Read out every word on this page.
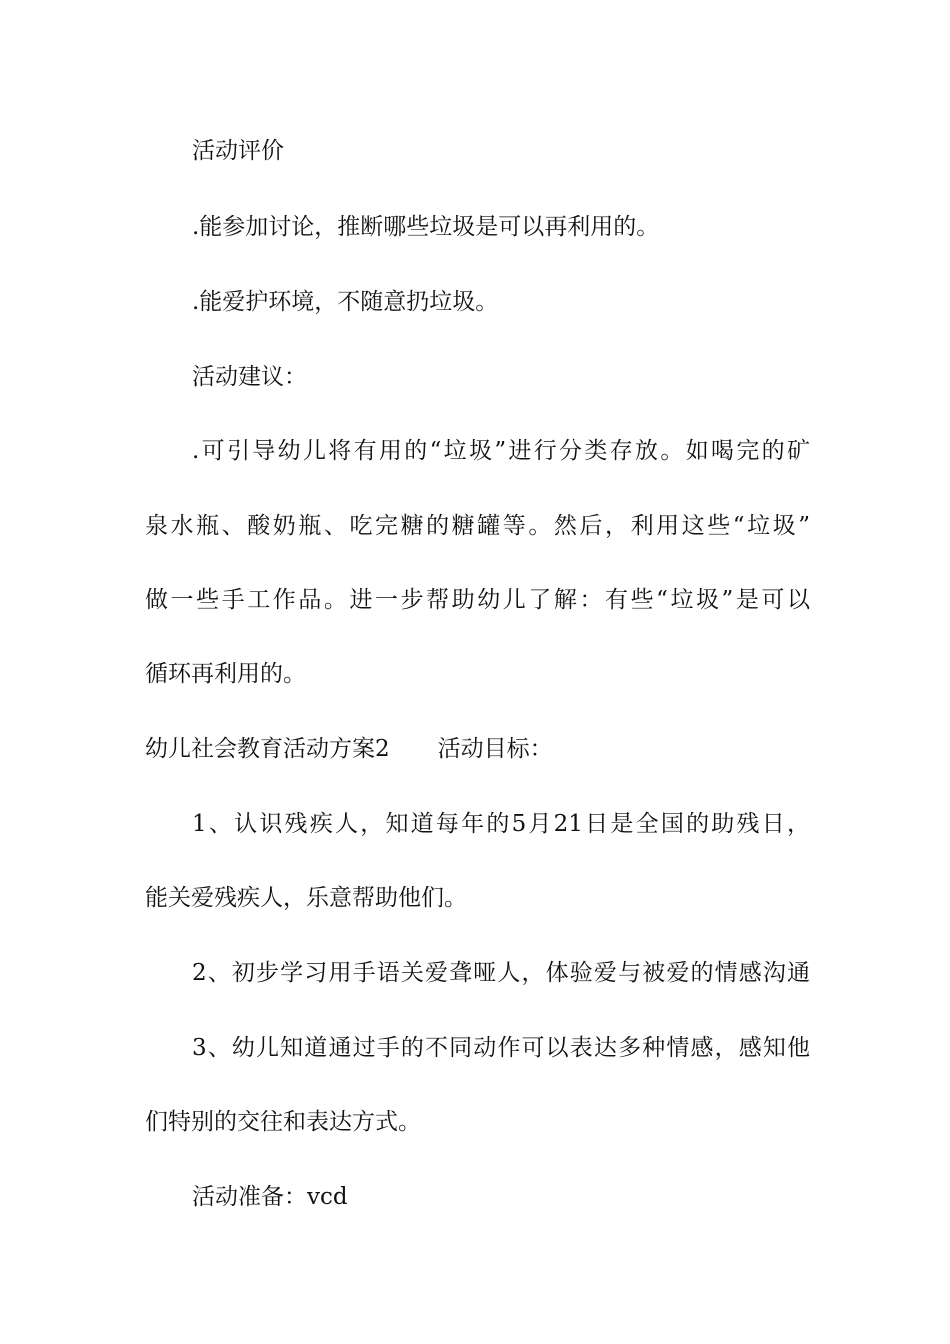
活动评价
.能参加讨论，推断哪些垃圾是可以再利用的。
.能爱护环境，不随意扔垃圾。
活动建议：
.可引导幼儿将有用的“垃圾”进行分类存放。如喝完的矿
泉水瓶、酸奶瓶、吃完糖的糖罐等。然后，利用这些“垃圾”
做一些手工作品。进一步帮助幼儿了解：有些“垃圾”是可以
循环再利用的。
幼儿社会教育活动方案2 活动目标：
1、认识残疾人，知道每年的5月21日是全国的助残日，
能关爱残疾人，乐意帮助他们。
2、初步学习用手语关爱聋哑人，体验爱与被爱的情感沟通
3、幼儿知道通过手的不同动作可以表达多种情感，感知他
们特别的交往和表达方式。
活动准备：vcd
